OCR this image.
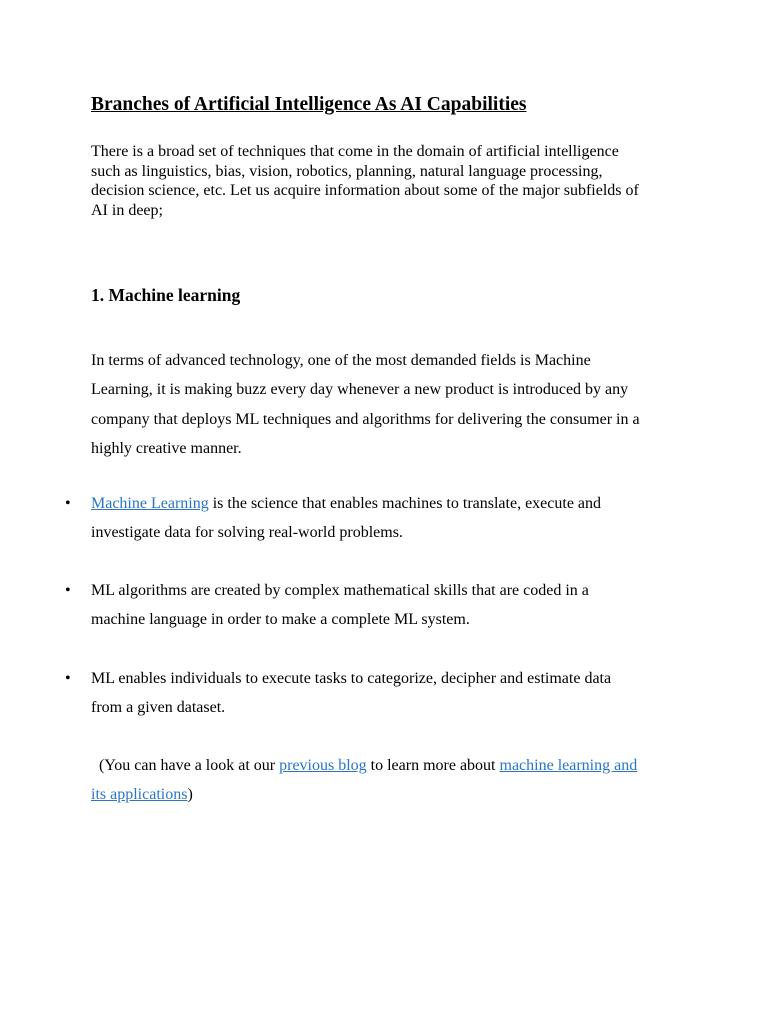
Branches of Artificial Intelligence As AI Capabilities

There is a broad set of techniques that come in the domain of artificial intelligence
such as linguistics, bias, vision, robotics, planning, natural language processing,
decision science, etc. Let us acquire information about some of the major subfields of
AI in deep;

1. Machine learning

In terms of advanced technology, one of the most demanded fields is Machine
Learning, it is making buzz every day whenever a new product is introduced by any
company that deploys ML techniques and algorithms for delivering the consumer in a
highly creative manner.

• Machine Learning is the science that enables machines to translate, execute and
investigate data for solving real-world problems.
• ML algorithms are created by complex mathematical skills that are coded in a
machine language in order to make a complete ML system.
• ML enables individuals to execute tasks to categorize, decipher and estimate data
from a given dataset.

(You can have a look at our previous blog to learn more about machine learning and
its applications)
